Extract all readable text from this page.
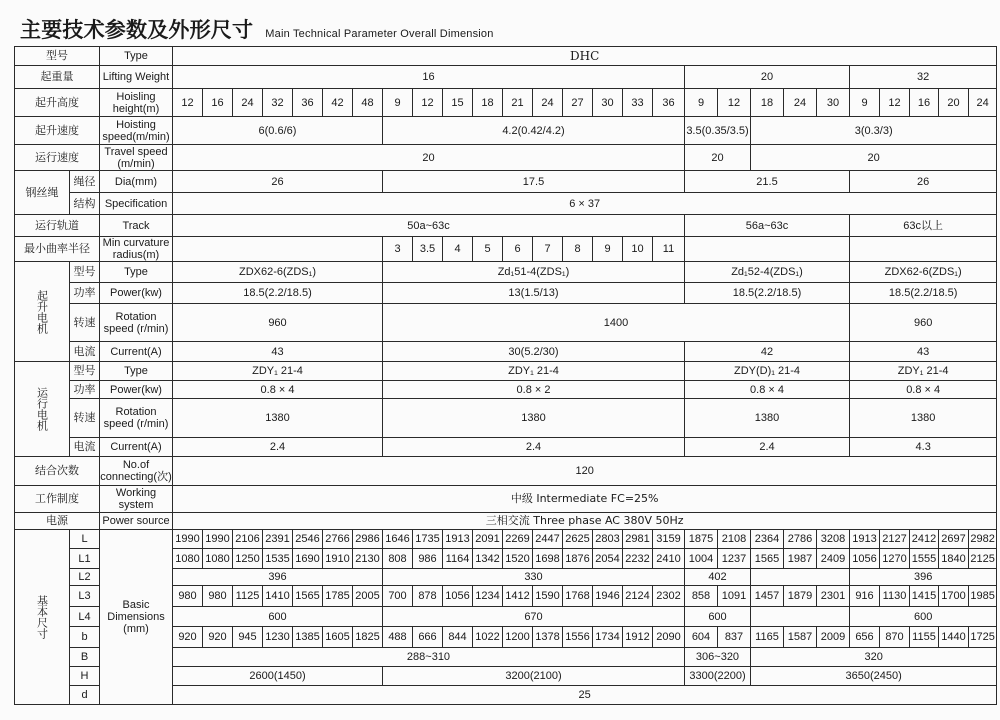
主要技术参数及外形尺寸 Main Technical Parameter Overall Dimension
型号		Type	DHC																										
起重量		Lifting Weight	16																	20					32				
起升高度		Hoisling height(m)	12	16	24	32	36	42	48	9	12	15	18	21	24	27	30	33	36	9	12	18	24	30	9	12	16	20	24
起升速度		Hoisting speed(m/min)	6(0.6/6)							4.2(0.42/4.2)										3.5(0.35/3.5)		3(0.3/3)							
运行速度		Travel speed (m/min)	20																	20		20							
钢丝绳	绳径	Dia(mm)	26							17.5										21.5					26				
	结构	Specification	6 × 37																										
运行轨道		Track	50a~63c																	56a~63c					63c以上				
最小曲率半径		Min curvature radius(m)								3	3.5	4	5	6	7	8	9	10	11										
起升电机	型号	Type	ZDX62-6(ZDS₁)							Zd₁51-4(ZDS₁)										Zd₁52-4(ZDS₁)					ZDX62-6(ZDS₁)				
	功率	Power(kw)	18.5(2.2/18.5)							13(1.5/13)										18.5(2.2/18.5)					18.5(2.2/18.5)				
	转速	Rotation speed (r/min)	960							1400															960				
	电流	Current(A)	43							30(5.2/30)										42					43				
运行电机	型号	Type	ZDY₁ 21-4							ZDY₁ 21-4										ZDY(D)₁ 21-4					ZDY₁ 21-4				
	功率	Power(kw)	0.8 × 4							0.8 × 2										0.8 × 4					0.8 × 4				
	转速	Rotation speed (r/min)	1380							1380										1380					1380				
	电流	Current(A)	2.4							2.4										2.4					4.3				
结合次数		No.of connecting(次)	120																										
工作制度		Working system	中级 Intermediate FC=25%																										
电源		Power source	三相交流 Three phase AC 380V 50Hz																										
基本尺寸	L	Basic Dimensions (mm)	1990	1990	2106	2391	2546	2766	2986	1646	1735	1913	2091	2269	2447	2625	2803	2981	3159	1875	2108	2364	2786	3208	1913	2127	2412	2697	2982
	L1		1080	1080	1250	1535	1690	1910	2130	808	986	1164	1342	1520	1698	1876	2054	2232	2410	1004	1237	1565	1987	2409	1056	1270	1555	1840	2125
	L2		396							330										402					396				
	L3		980	980	1125	1410	1565	1785	2005	700	878	1056	1234	1412	1590	1768	1946	2124	2302	858	1091	1457	1879	2301	916	1130	1415	1700	1985
	L4		600							670										600					600				
	b		920	920	945	1230	1385	1605	1825	488	666	844	1022	1200	1378	1556	1734	1912	2090	604	837	1165	1587	2009	656	870	1155	1440	1725
	B		288~310																	306~320		320							
	H		2600(1450)							3200(2100)										3300(2200)		3650(2450)							
	d		25																										
